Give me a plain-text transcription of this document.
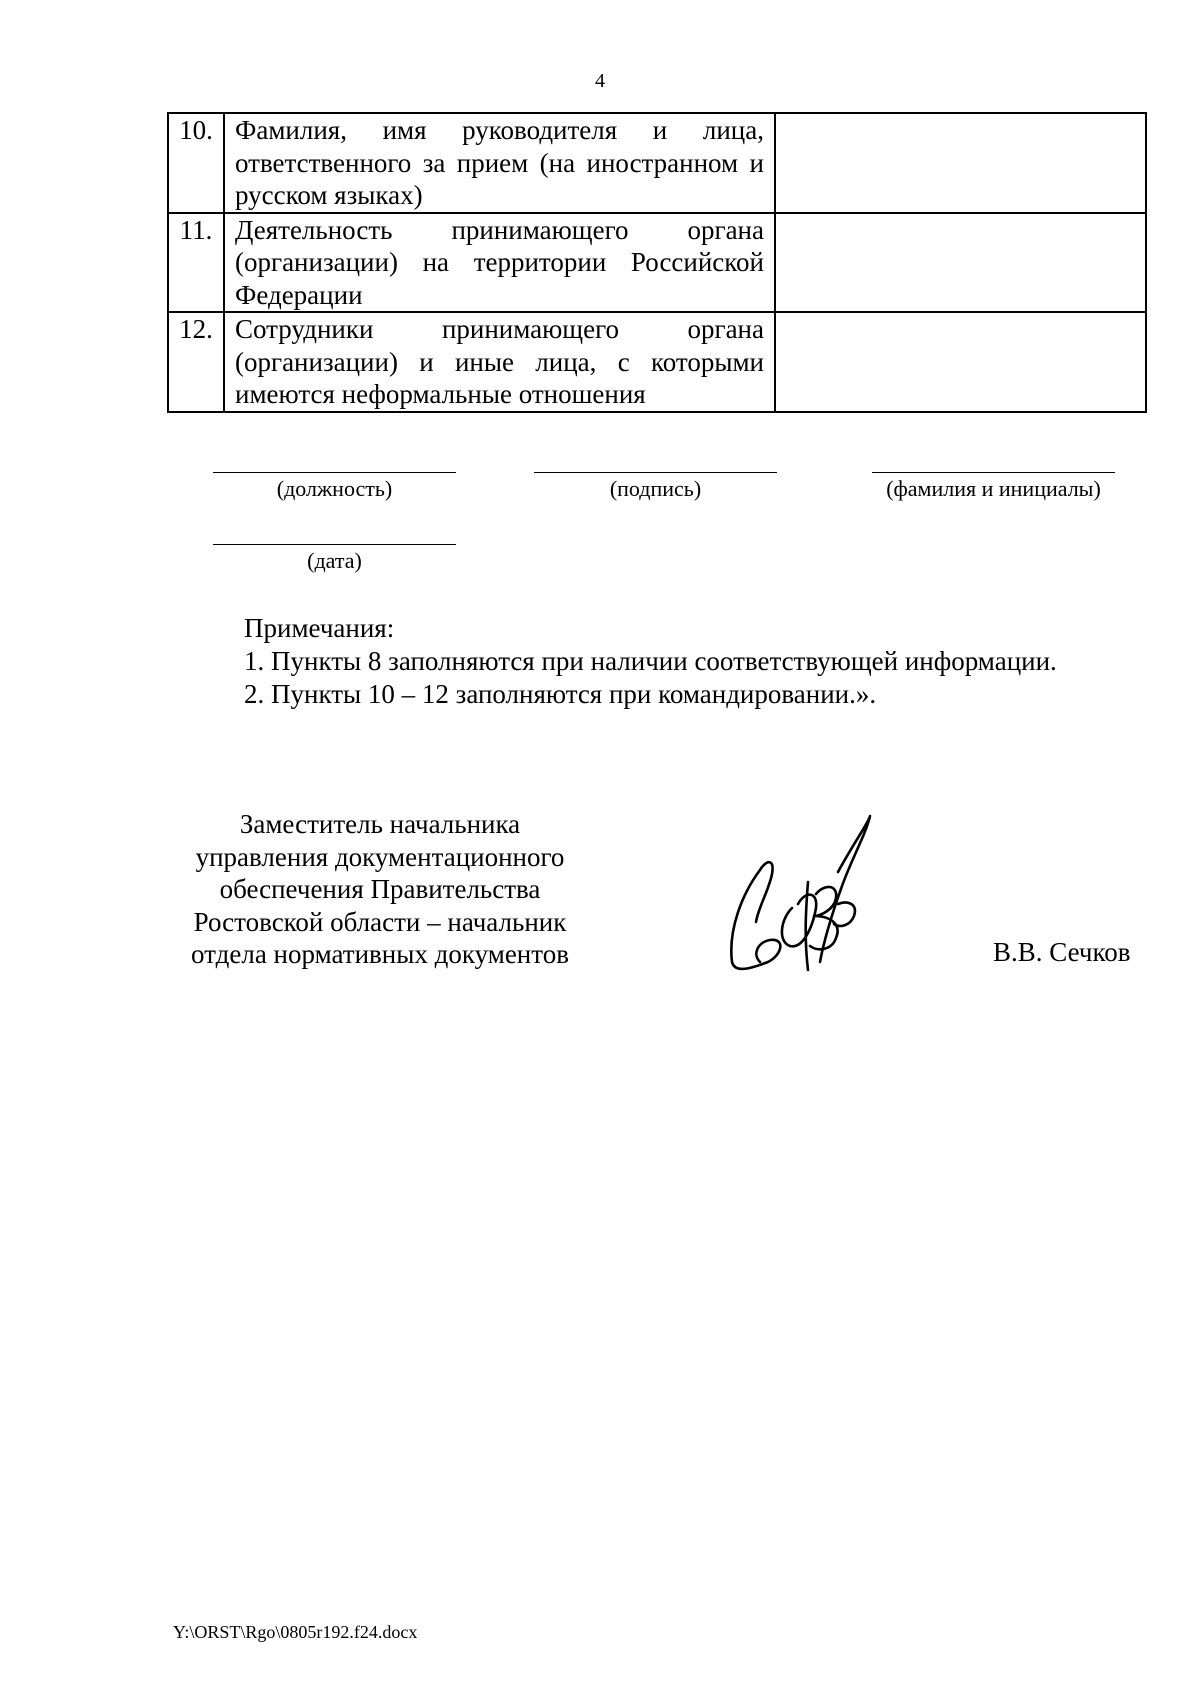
4
10.	Фамилия, имя руководителя и лица, ответственного за прием (на иностранном и русском языках)	
11.	Деятельность принимающего органа (организации) на территории Российской Федерации	
12.	Сотрудники принимающего органа (организации) и иные лица, с которыми имеются неформальные отношения	
(должность)	(подпись)	(фамилия и инициалы)
(дата)
Примечания:
1. Пункты 8 заполняются при наличии соответствующей информации.
2. Пункты 10 – 12 заполняются при командировании.».
Заместитель начальника
управления документационного
обеспечения Правительства
Ростовской области – начальник
отдела нормативных документов	В.В. Сечков
Y:\ORST\Rgo\0805r192.f24.docx
